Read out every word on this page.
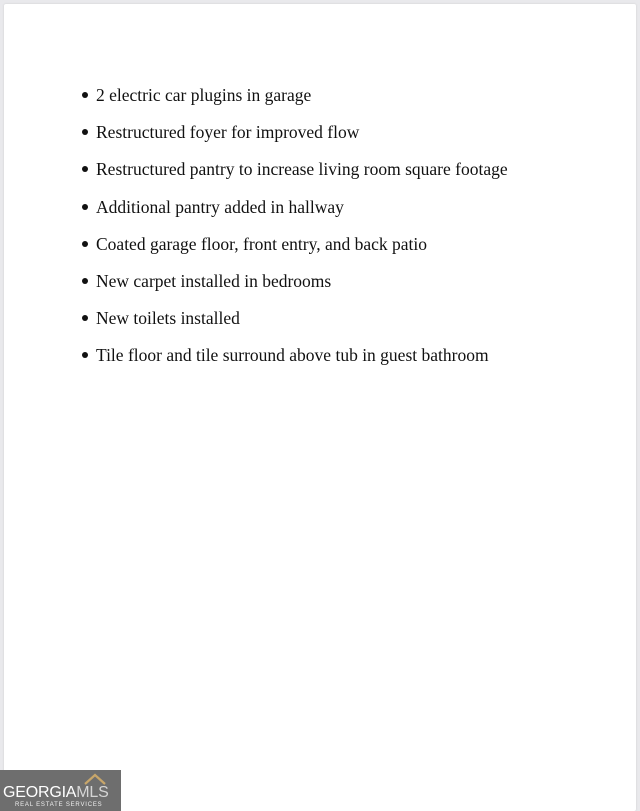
2 electric car plugins in garage
Restructured foyer for improved flow
Restructured pantry to increase living room square footage
Additional pantry added in hallway
Coated garage floor, front entry, and back patio
New carpet installed in bedrooms
New toilets installed
Tile floor and tile surround above tub in guest bathroom
GEORGIAMLS
REAL ESTATE SERVICES
